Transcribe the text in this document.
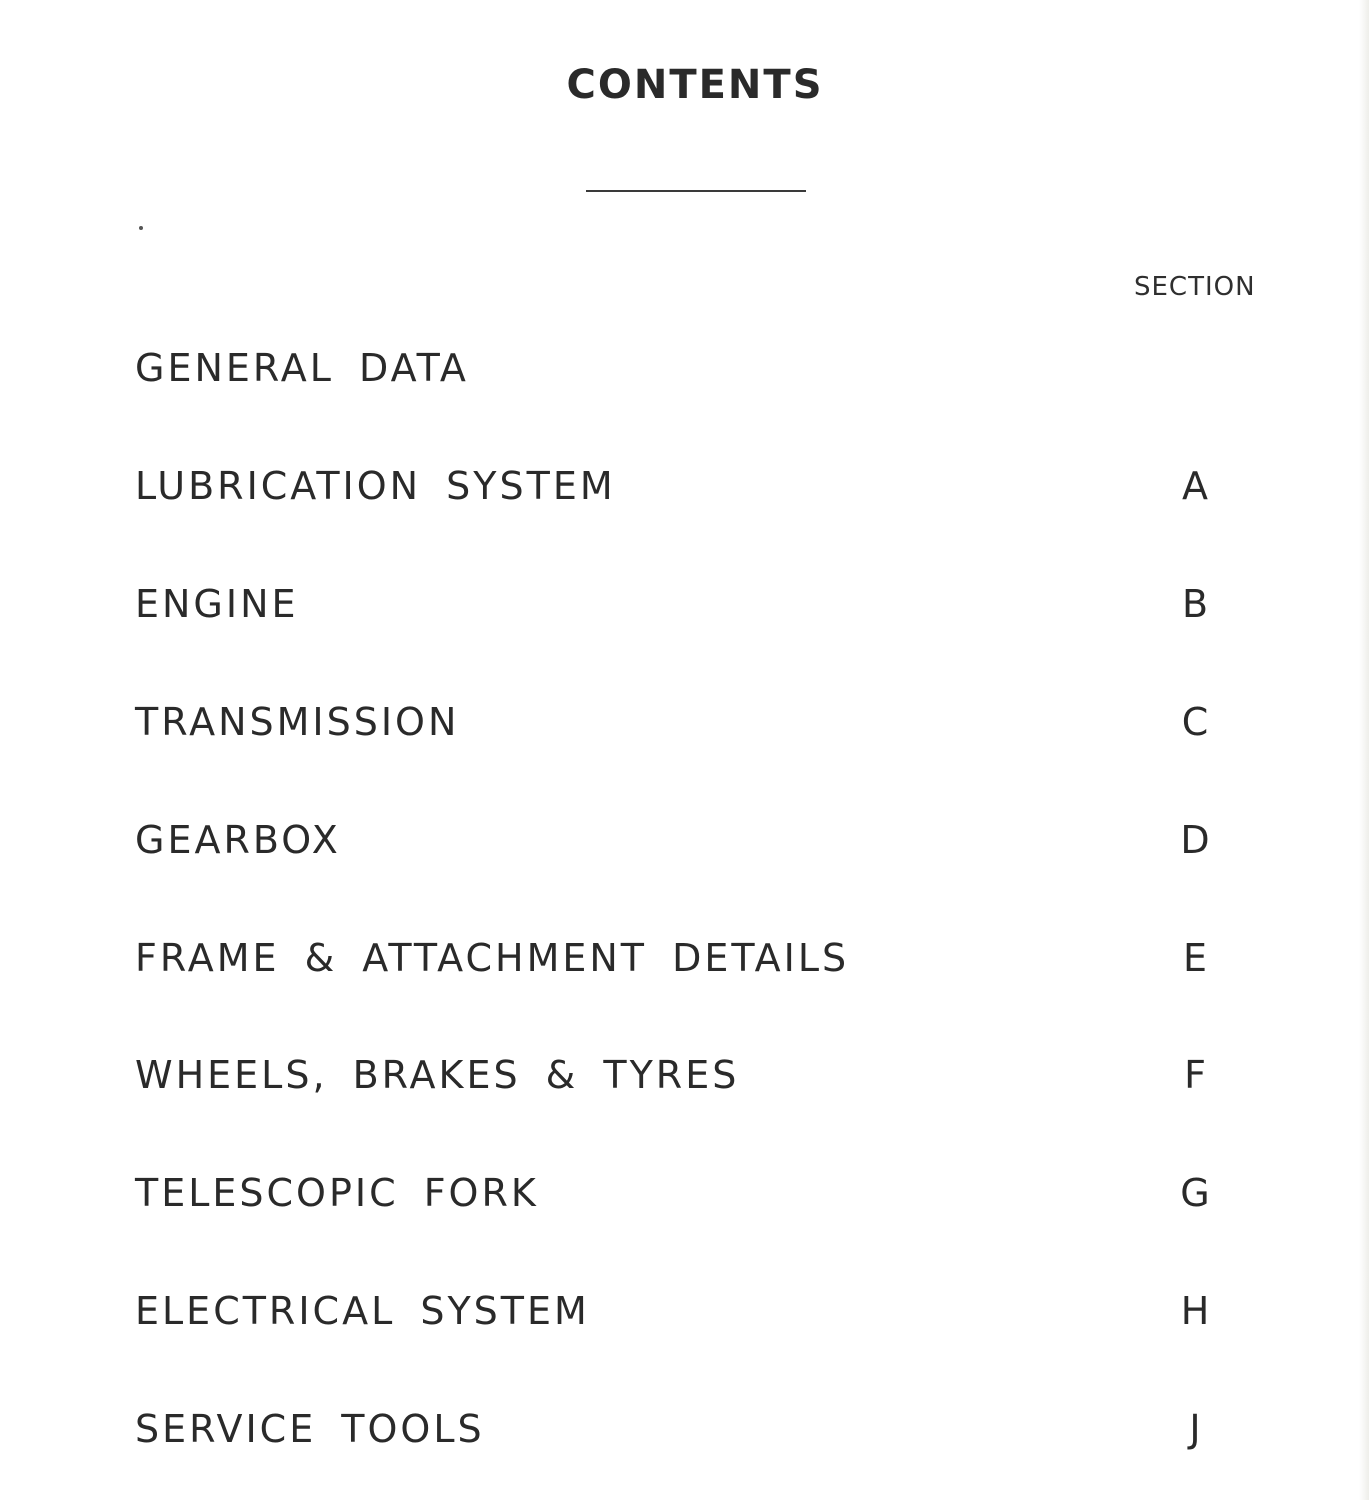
CONTENTS
SECTION
GENERAL DATA
LUBRICATION SYSTEM	A
ENGINE	B
TRANSMISSION	C
GEARBOX	D
FRAME & ATTACHMENT DETAILS	E
WHEELS, BRAKES & TYRES	F
TELESCOPIC FORK	G
ELECTRICAL SYSTEM	H
SERVICE TOOLS	J
